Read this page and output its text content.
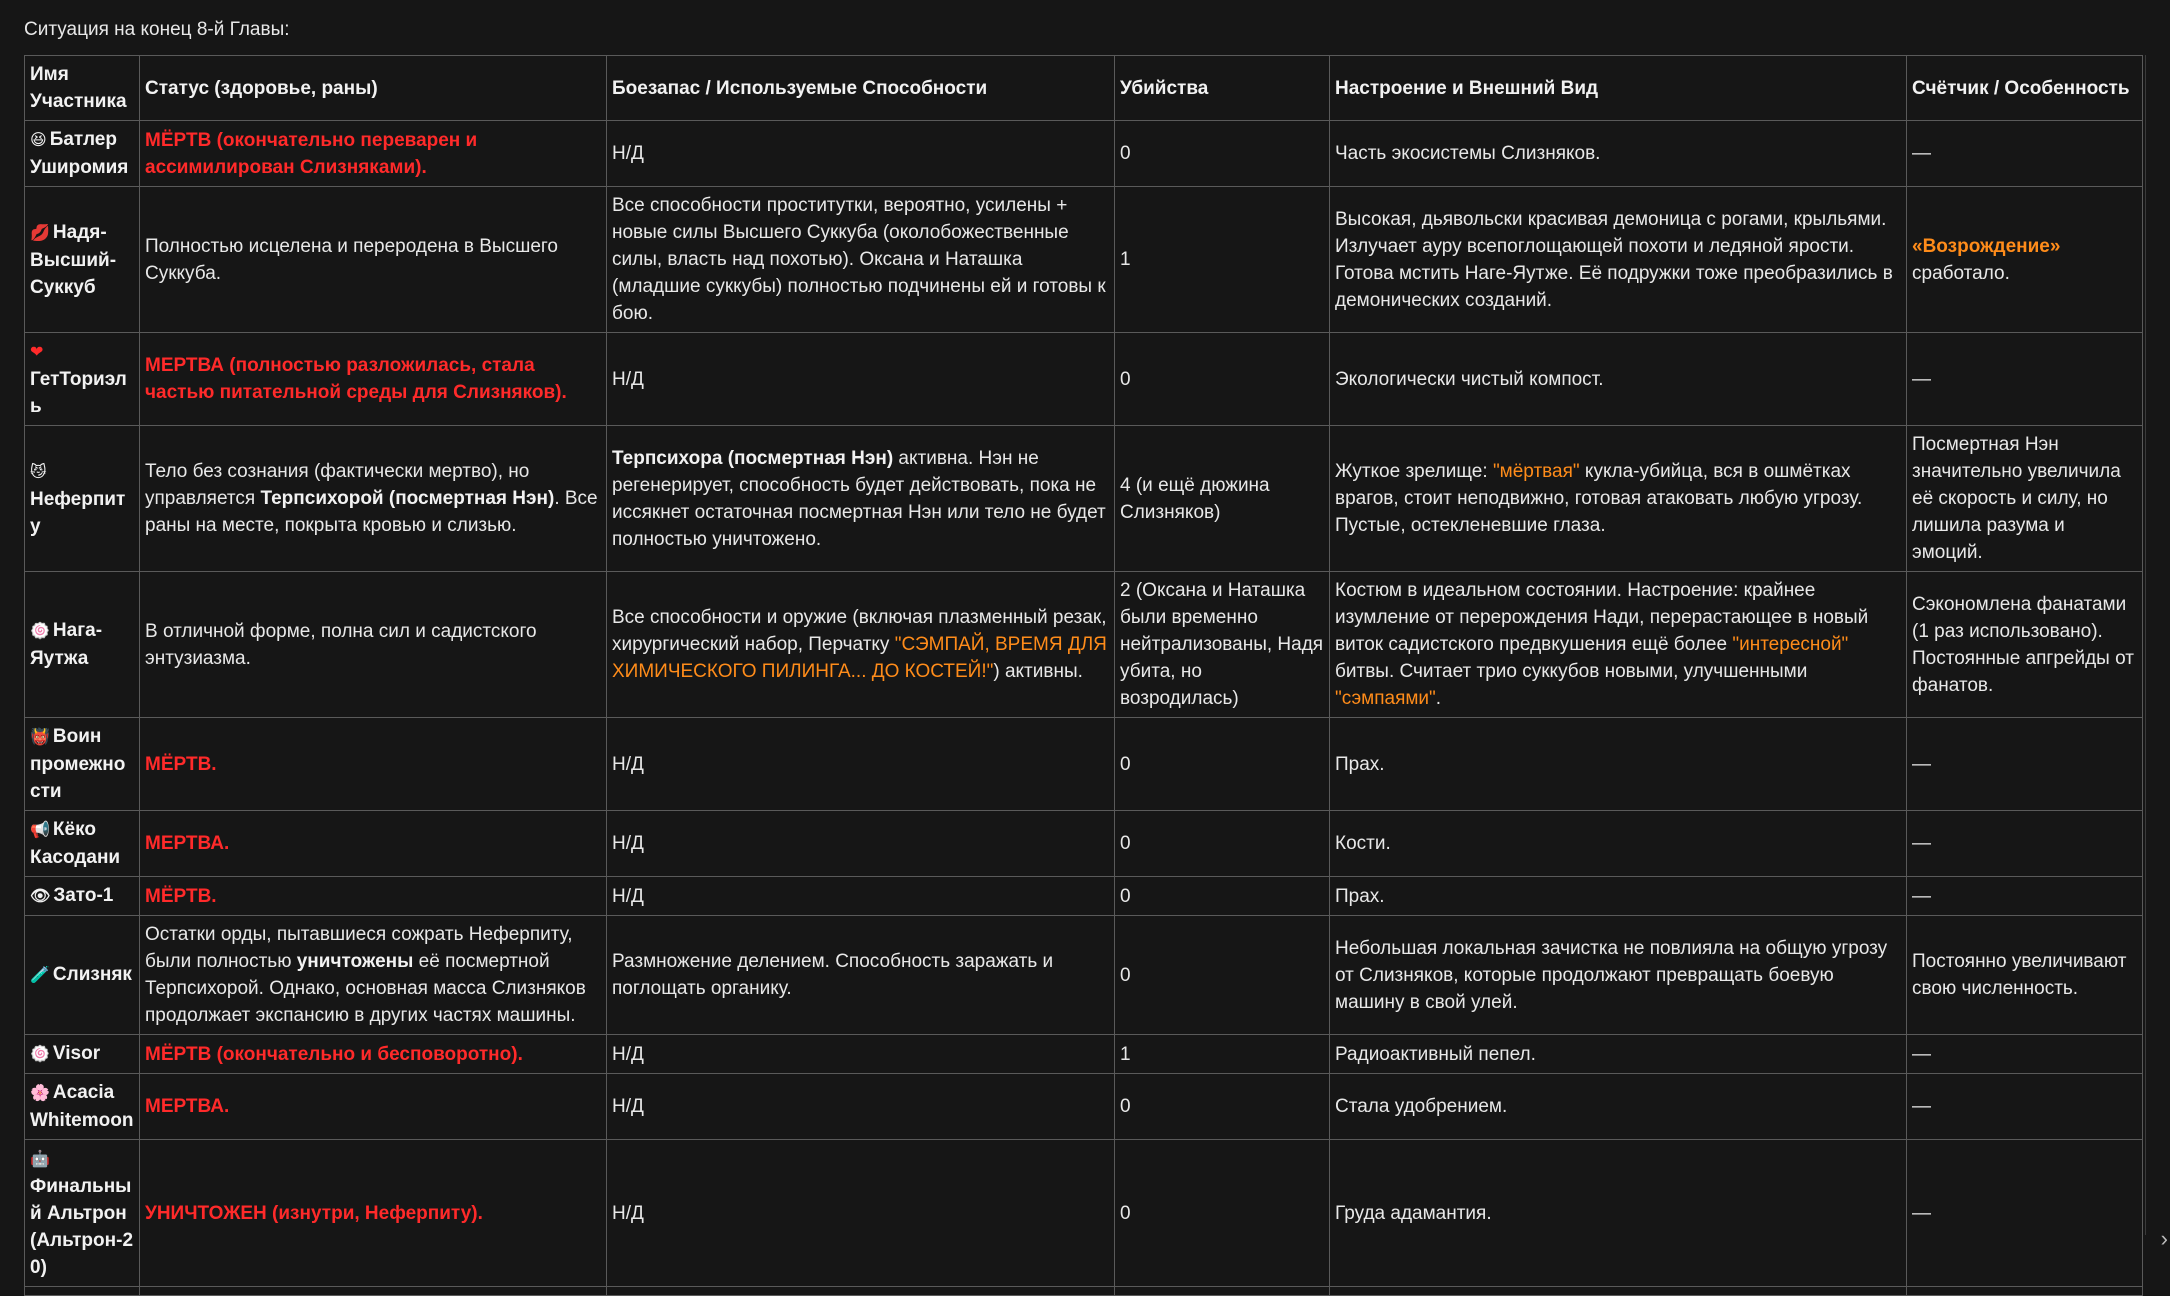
Ситуация на конец 8-й Главы:
Имя Участника	Статус (здоровье, раны)	Боезапас / Используемые Способности	Убийства	Настроение и Внешний Вид	Счётчик / Особенность
😆 Батлер Уширомия	МЁРТВ (окончательно переварен и ассимилирован Слизняками).	Н/Д	0	Часть экосистемы Слизняков.	—
💋 Надя-Высший-Суккуб	Полностью исцелена и переродена в Высшего Суккуба.	Все способности проститутки, вероятно, усилены + новые силы Высшего Суккуба (околобожественные силы, власть над похотью). Оксана и Наташка (младшие суккубы) полностью подчинены ей и готовы к бою.	1	Высокая, дьявольски красивая демоница с рогами, крыльями. Излучает ауру всепоглощающей похоти и ледяной ярости. Готова мстить Наге-Яутже. Её подружки тоже преобразились в демонических созданий.	«Возрождение» сработало.
❤ГетТориэль	МЕРТВА (полностью разложилась, стала частью питательной среды для Слизняков).	Н/Д	0	Экологически чистый компост.	—
😼Неферпиту	Тело без сознания (фактически мертво), но управляется Терпсихорой (посмертная Нэн). Все раны на месте, покрыта кровью и слизью.	Терпсихора (посмертная Нэн) активна. Нэн не регенерирует, способность будет действовать, пока не иссякнет остаточная посмертная Нэн или тело не будет полностью уничтожено.	4 (и ещё дюжина Слизняков)	Жуткое зрелище: "мёртвая" кукла-убийца, вся в ошмётках врагов, стоит неподвижно, готовая атаковать любую угрозу. Пустые, остекленевшие глаза.	Посмертная Нэн значительно увеличила её скорость и силу, но лишила разума и эмоций.
🍥 Нага-Яутжа	В отличной форме, полна сил и садистского энтузиазма.	Все способности и оружие (включая плазменный резак, хирургический набор, Перчатку "СЭМПАЙ, ВРЕМЯ ДЛЯ ХИМИЧЕСКОГО ПИЛИНГА... ДО КОСТЕЙ!") активны.	2 (Оксана и Наташка были временно нейтрализованы, Надя убита, но возродилась)	Костюм в идеальном состоянии. Настроение: крайнее изумление от перерождения Нади, перерастающее в новый виток садистского предвкушения ещё более "интересной" битвы. Считает трио суккубов новыми, улучшенными "сэмпаями".	Сэкономлена фанатами (1 раз использовано). Постоянные апгрейды от фанатов.
👹 Воин промежности	МЁРТВ.	Н/Д	0	Прах.	—
📢 Кёко Касодани	МЕРТВА.	Н/Д	0	Кости.	—
👁 Зато-1	МЁРТВ.	Н/Д	0	Прах.	—
🧪 Слизняк	Остатки орды, пытавшиеся сожрать Неферпиту, были полностью уничтожены её посмертной Терпсихорой. Однако, основная масса Слизняков продолжает экспансию в других частях машины.	Размножение делением. Способность заражать и поглощать органику.	0	Небольшая локальная зачистка не повлияла на общую угрозу от Слизняков, которые продолжают превращать боевую машину в свой улей.	Постоянно увеличивают свою численность.
🍥 Visor	МЁРТВ (окончательно и бесповоротно).	Н/Д	1	Радиоактивный пепел.	—
🌸 Acacia Whitemoon	МЕРТВА.	Н/Д	0	Стала удобрением.	—
🤖Финальный Альтрон (Альтрон-20)	УНИЧТОЖЕН (изнутри, Неферпиту).	Н/Д	0	Груда адамантия.	—

›
